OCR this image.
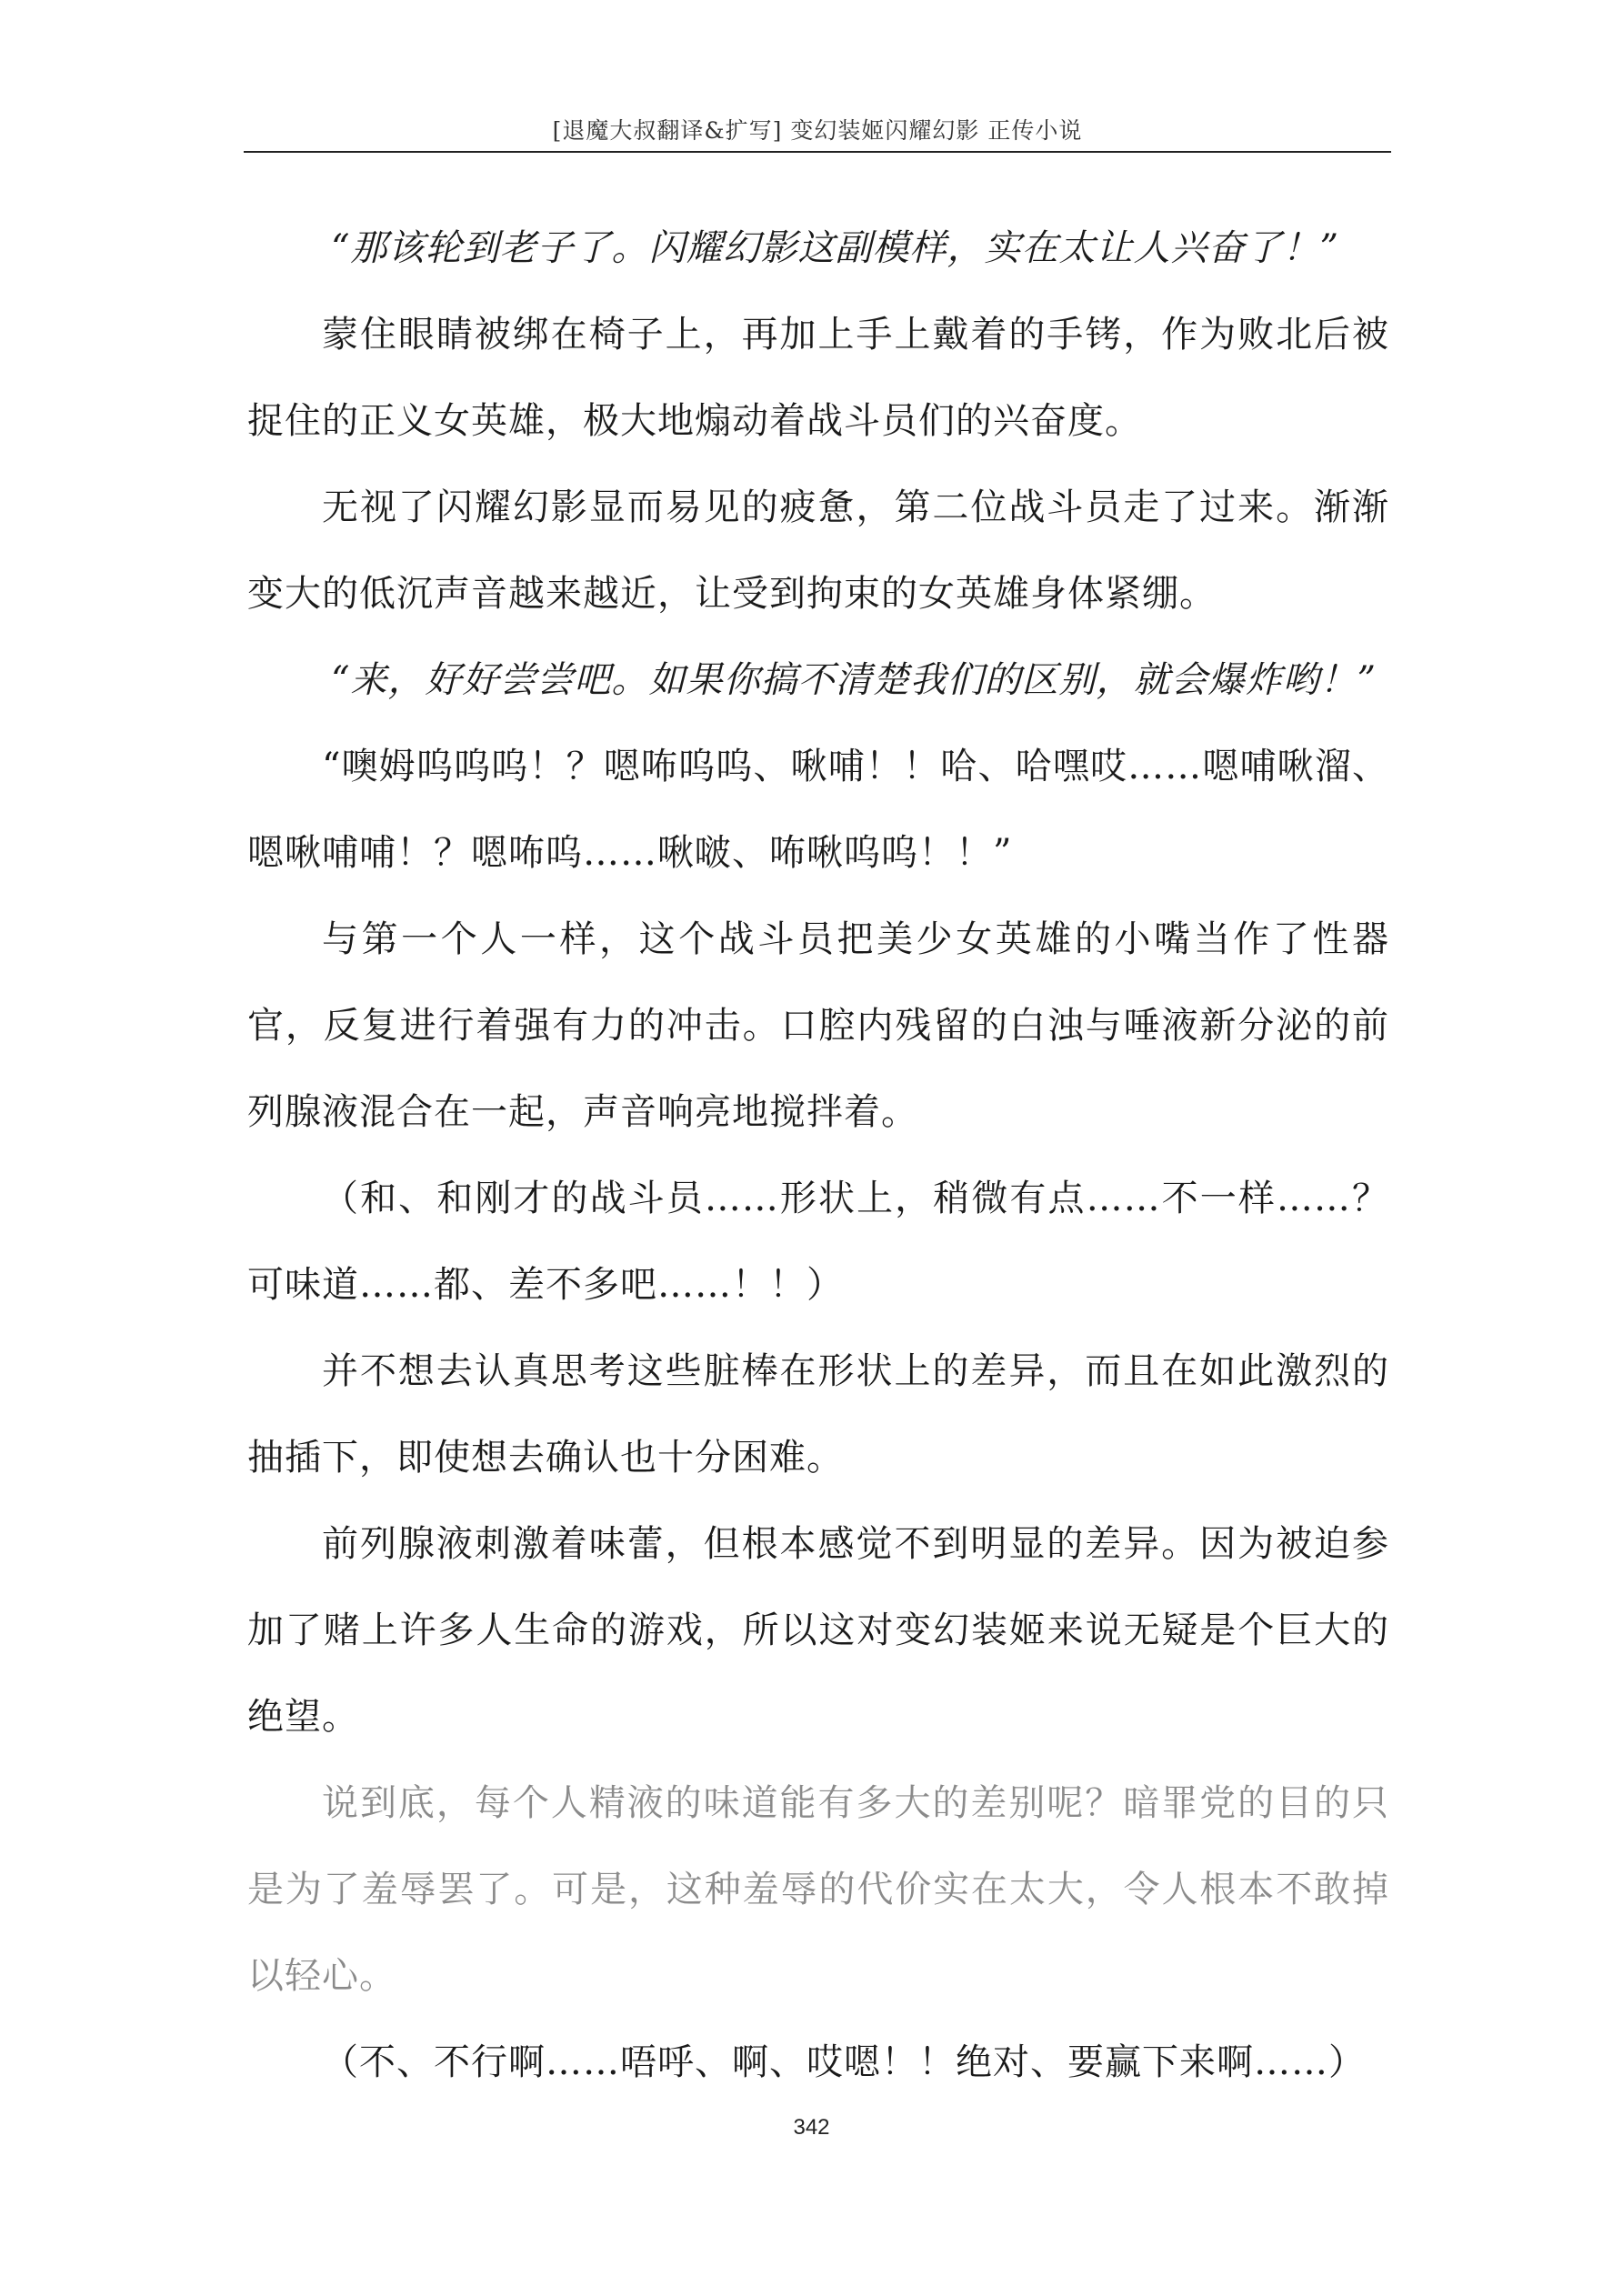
[退魔大叔翻译&扩写] 变幻装姬闪耀幻影 正传小说

“那该轮到老子了。闪耀幻影这副模样，实在太让人兴奋了！”

蒙住眼睛被绑在椅子上，再加上手上戴着的手铐，作为败北后被捉住的正义女英雄，极大地煽动着战斗员们的兴奋度。

无视了闪耀幻影显而易见的疲惫，第二位战斗员走了过来。渐渐变大的低沉声音越来越近，让受到拘束的女英雄身体紧绷。

“来，好好尝尝吧。如果你搞不清楚我们的区别，就会爆炸哟！”

“噢姆呜呜呜！？嗯咘呜呜、啾哺！！哈、哈嘿哎……嗯哺啾溜、嗯啾哺哺！？嗯咘呜……啾啵、咘啾呜呜！！”

与第一个人一样，这个战斗员把美少女英雄的小嘴当作了性器官，反复进行着强有力的冲击。口腔内残留的白浊与唾液新分泌的前列腺液混合在一起，声音响亮地搅拌着。

（和、和刚才的战斗员……形状上，稍微有点……不一样……？可味道……都、差不多吧……！！）

并不想去认真思考这些脏棒在形状上的差异，而且在如此激烈的抽插下，即使想去确认也十分困难。

前列腺液刺激着味蕾，但根本感觉不到明显的差异。因为被迫参加了赌上许多人生命的游戏，所以这对变幻装姬来说无疑是个巨大的绝望。

说到底，每个人精液的味道能有多大的差别呢？暗罪党的目的只是为了羞辱罢了。可是，这种羞辱的代价实在太大，令人根本不敢掉以轻心。

（不、不行啊……唔呼、啊、哎嗯！！绝对、要赢下来啊……）

342
